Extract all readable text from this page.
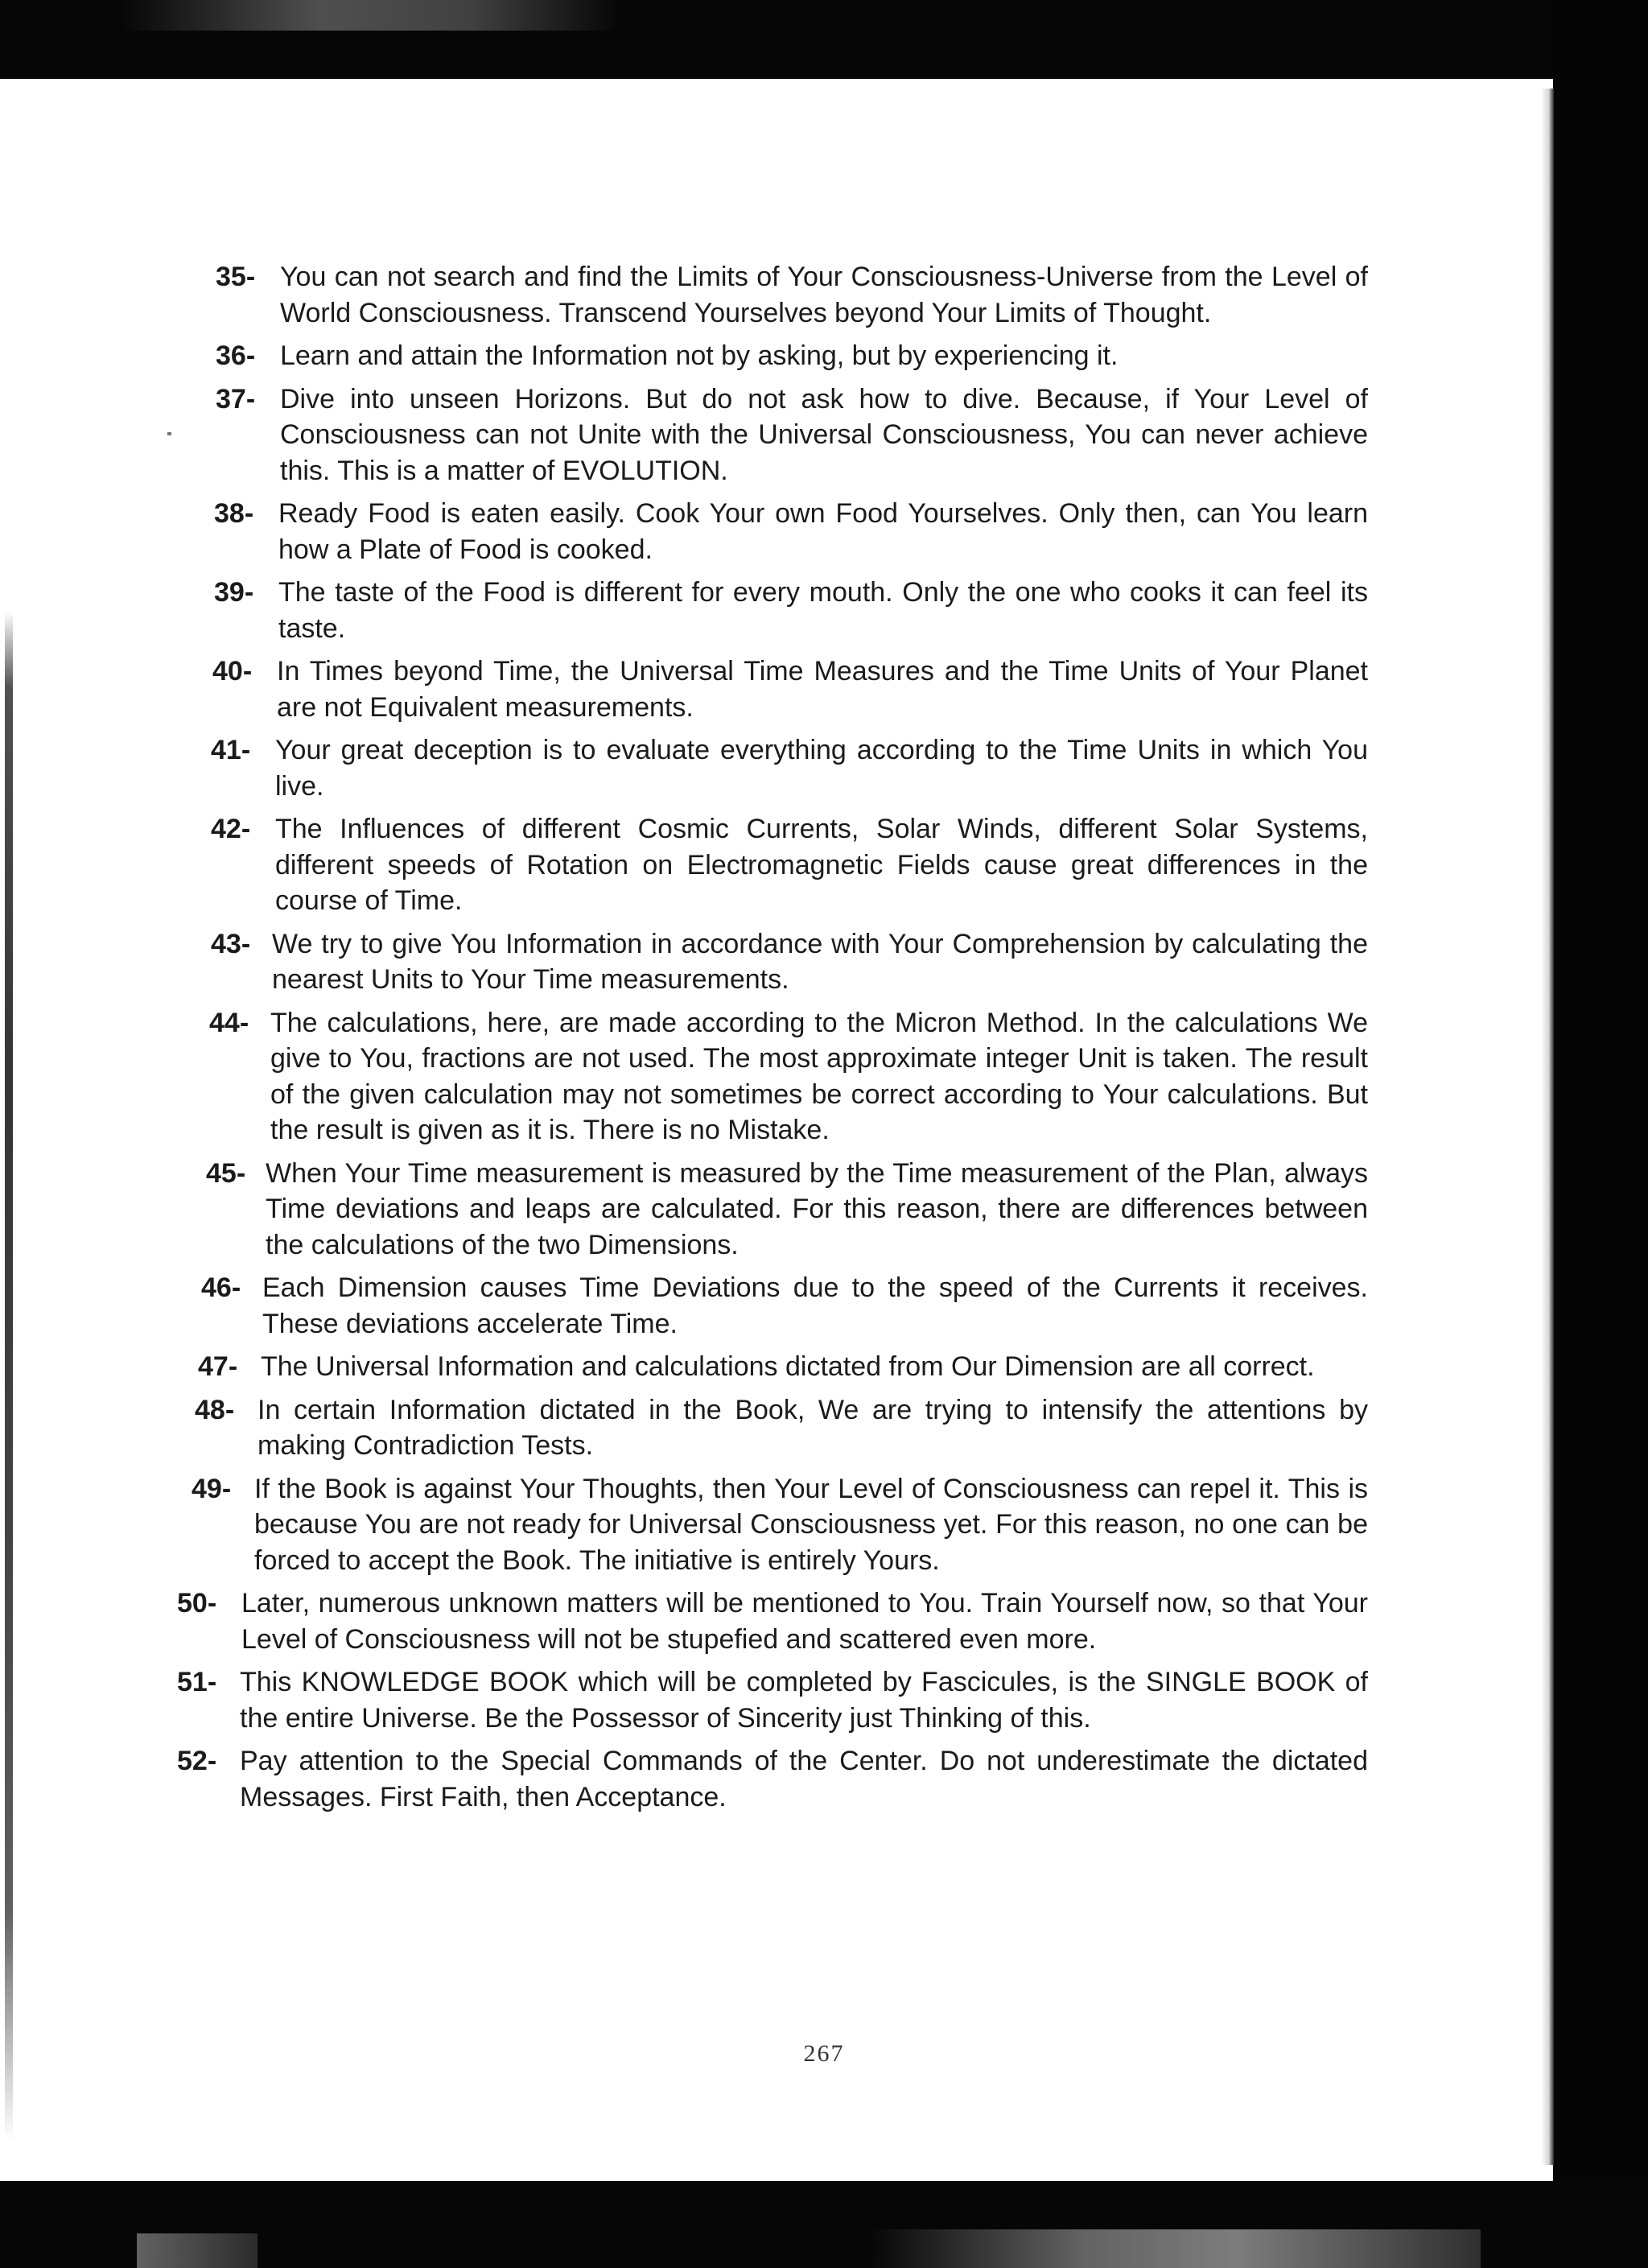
35- You can not search and find the Limits of Your Consciousness-Universe from the Level of World Consciousness. Transcend Yourselves beyond Your Limits of Thought.
36- Learn and attain the Information not by asking, but by experiencing it.
37- Dive into unseen Horizons. But do not ask how to dive. Because, if Your Level of Consciousness can not Unite with the Universal Consciousness, You can never achieve this. This is a matter of EVOLUTION.
38- Ready Food is eaten easily. Cook Your own Food Yourselves. Only then, can You learn how a Plate of Food is cooked.
39- The taste of the Food is different for every mouth. Only the one who cooks it can feel its taste.
40- In Times beyond Time, the Universal Time Measures and the Time Units of Your Planet are not Equivalent measurements.
41- Your great deception is to evaluate everything according to the Time Units in which You live.
42- The Influences of different Cosmic Currents, Solar Winds, different Solar Systems, different speeds of Rotation on Electromagnetic Fields cause great differences in the course of Time.
43- We try to give You Information in accordance with Your Comprehension by calculating the nearest Units to Your Time measurements.
44- The calculations, here, are made according to the Micron Method. In the calculations We give to You, fractions are not used. The most approximate integer Unit is taken. The result of the given calculation may not sometimes be correct according to Your calculations. But the result is given as it is. There is no Mistake.
45- When Your Time measurement is measured by the Time measurement of the Plan, always Time deviations and leaps are calculated. For this reason, there are differences between the calculations of the two Dimensions.
46- Each Dimension causes Time Deviations due to the speed of the Currents it receives. These deviations accelerate Time.
47- The Universal Information and calculations dictated from Our Dimension are all correct.
48- In certain Information dictated in the Book, We are trying to intensify the attentions by making Contradiction Tests.
49- If the Book is against Your Thoughts, then Your Level of Consciousness can repel it. This is because You are not ready for Universal Consciousness yet. For this reason, no one can be forced to accept the Book. The initiative is entirely Yours.
50- Later, numerous unknown matters will be mentioned to You. Train Yourself now, so that Your Level of Consciousness will not be stupefied and scattered even more.
51- This KNOWLEDGE BOOK which will be completed by Fascicules, is the SINGLE BOOK of the entire Universe. Be the Possessor of Sincerity just Thinking of this.
52- Pay attention to the Special Commands of the Center. Do not underestimate the dictated Messages. First Faith, then Acceptance.
267
